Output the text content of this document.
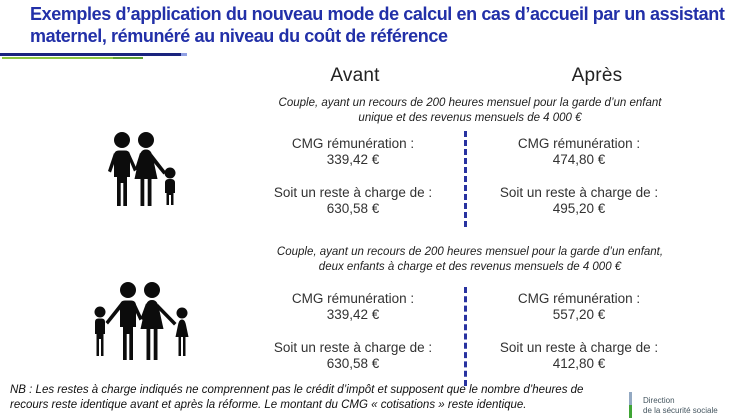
Exemples d’application du nouveau mode de calcul en cas d’accueil par un assistant maternel, rémunéré au niveau du coût de référence
Avant	Après
Couple, ayant un recours de 200 heures mensuel pour la garde d’un enfant
unique et des revenus mensuels de 4 000 €
CMG rémunération :
339,42 €
Soit un reste à charge de :
630,58 €
CMG rémunération :
474,80 €
Soit un reste à charge de :
495,20 €
Couple, ayant un recours de 200 heures mensuel pour la garde d’un enfant,
deux enfants à charge et des revenus mensuels de 4 000 €
CMG rémunération :
339,42 €
Soit un reste à charge de :
630,58 €
CMG rémunération :
557,20 €
Soit un reste à charge de :
412,80 €
NB : Les restes à charge indiqués ne comprennent pas le crédit d’impôt et supposent que le nombre d’heures de
recours reste identique avant et après la réforme. Le montant du CMG « cotisations » reste identique.	Direction
de la sécurité sociale
